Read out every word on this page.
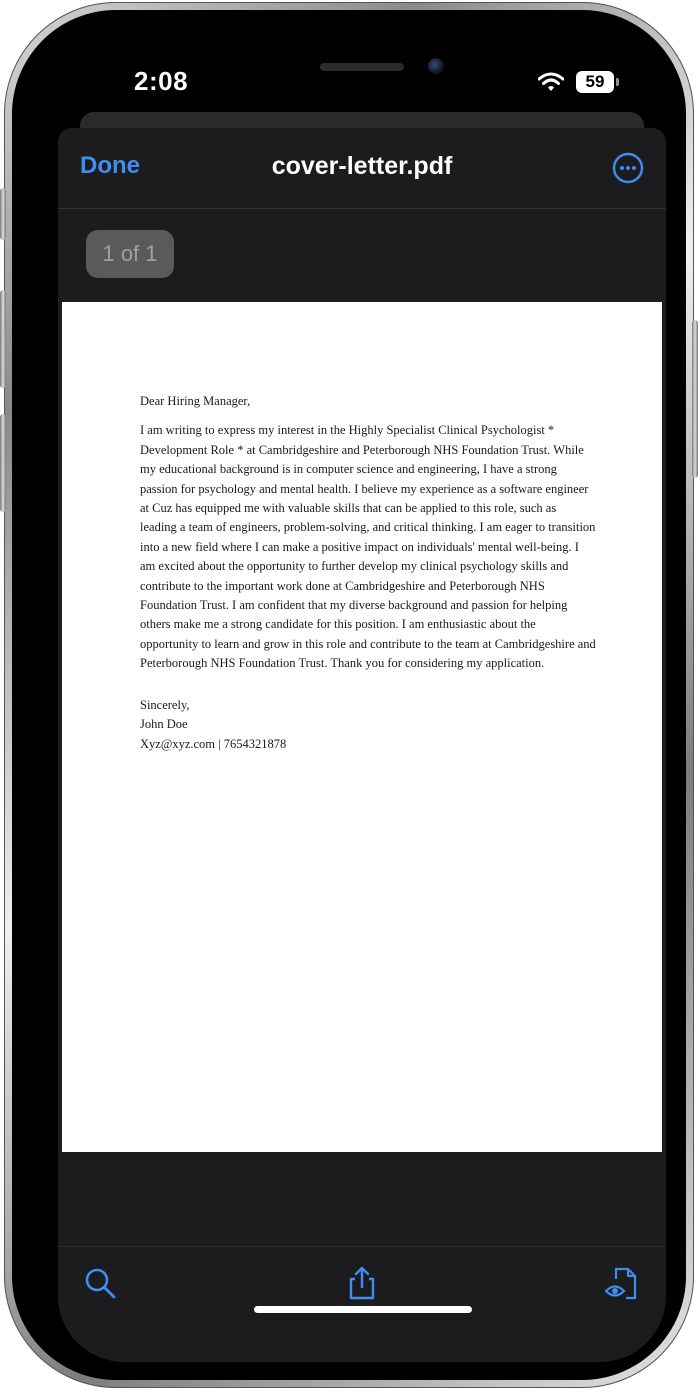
2:08	59
Done	cover-letter.pdf
1 of 1

Dear Hiring Manager,

I am writing to express my interest in the Highly Specialist Clinical Psychologist * Development Role * at Cambridgeshire and Peterborough NHS Foundation Trust. While my educational background is in computer science and engineering, I have a strong passion for psychology and mental health. I believe my experience as a software engineer at Cuz has equipped me with valuable skills that can be applied to this role, such as leading a team of engineers, problem-solving, and critical thinking. I am eager to transition into a new field where I can make a positive impact on individuals' mental well-being. I am excited about the opportunity to further develop my clinical psychology skills and contribute to the important work done at Cambridgeshire and Peterborough NHS Foundation Trust. I am confident that my diverse background and passion for helping others make me a strong candidate for this position. I am enthusiastic about the opportunity to learn and grow in this role and contribute to the team at Cambridgeshire and Peterborough NHS Foundation Trust. Thank you for considering my application.

Sincerely,

John Doe

Xyz@xyz.com | 7654321878
